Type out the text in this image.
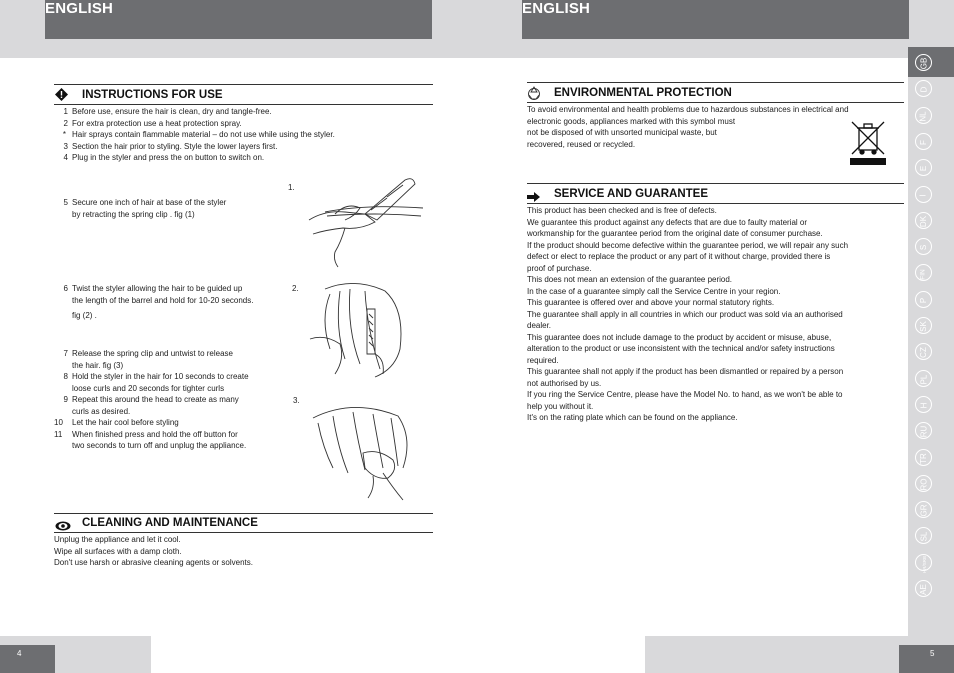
ENGLISH	ENGLISH
INSTRUCTIONS FOR USE
1 Before use, ensure the hair is clean, dry and tangle-free.
2 For extra protection use a heat protection spray.
* Hair sprays contain flammable material – do not use while using the styler.
3 Section the hair prior to styling. Style the lower layers first.
4 Plug in the styler and press the on button to switch on.
5 Secure one inch of hair at base of the styler
by retracting the spring clip . fig (1)
6 Twist the styler allowing the hair to be guided up
the length of the barrel and hold for 10-20 seconds.
fig (2) .
7 Release the spring clip and untwist to release
the hair. fig (3)
8 Hold the styler in the hair for 10 seconds to create
loose curls and 20 seconds for tighter curls
9 Repeat this around the head to create as many
curls as desired.
10 Let the hair cool before styling
11 When finished press and hold the off button for
two seconds to turn off and unplug the appliance.
1.
2.
3.
CLEANING AND MAINTENANCE
Unplug the appliance and let it cool.
Wipe all surfaces with a damp cloth.
Don't use harsh or abrasive cleaning agents or solvents.
ENVIRONMENTAL PROTECTION
To avoid environmental and health problems due to hazardous substances in electrical and
electronic goods, appliances marked with this symbol must
not be disposed of with unsorted municipal waste, but
recovered, reused or recycled.
SERVICE AND GUARANTEE
This product has been checked and is free of defects.
We guarantee this product against any defects that are due to faulty material or
workmanship for the guarantee period from the original date of consumer purchase.
If the product should become defective within the guarantee period, we will repair any such
defect or elect to replace the product or any part of it without charge, provided there is
proof of purchase.
This does not mean an extension of the guarantee period.
In the case of a guarantee simply call the Service Centre in your region.
This guarantee is offered over and above your normal statutory rights.
The guarantee shall apply in all countries in which our product was sold via an authorised
dealer.
This guarantee does not include damage to the product by accident or misuse, abuse,
alteration to the product or use inconsistent with the technical and/or safety instructions
required.
This guarantee shall not apply if the product has been dismantled or repaired by a person
not authorised by us.
If you ring the Service Centre, please have the Model No. to hand, as we won't be able to
help you without it.
It's on the rating plate which can be found on the appliance.
GB
D
NL
F
E
I
DK
S
FIN
P
SK
CZ
PL
H
RU
TR
RO
GR
SL
HR/SRB
AE
4	5
